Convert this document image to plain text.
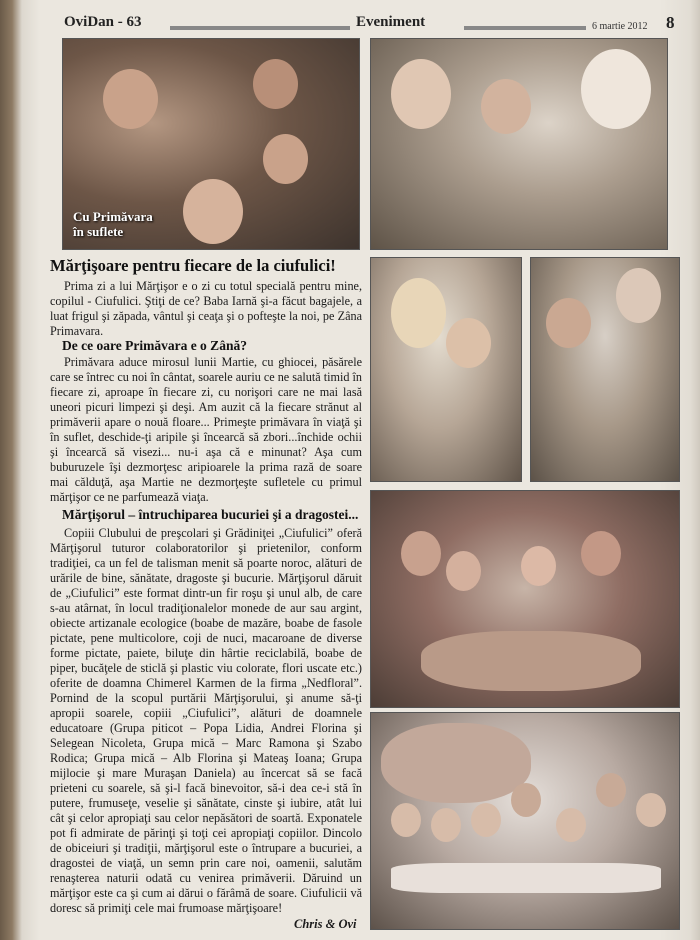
OviDan - 63	Eveniment	6 martie 2012 8
Cu Primăvara
în suflete
Mărţişoare pentru fiecare de la ciufulici!

Prima zi a lui Mărţişor e o zi cu totul specială pentru mine, copilul - Ciufulici. Ştiţi de ce? Baba Iarnă şi-a făcut bagajele, a luat frigul şi zăpada, vântul şi ceaţa şi o pofteşte la noi, pe Zâna Primavara.

De ce oare Primăvara e o Zână?

Primăvara aduce mirosul lunii Martie, cu ghiocei, păsărele care se întrec cu noi în cântat, soarele auriu ce ne salută timid în fiecare zi, aproape în fiecare zi, cu norişori care ne mai lasă uneori picuri limpezi şi deşi. Am auzit că la fiecare strănut al primăverii apare o nouă floare... Primeşte primăvara în viaţă şi în suflet, deschide-ţi aripile şi încearcă să zbori...închide ochii şi încearcă să visezi... nu-i aşa că e minunat? Aşa cum buburuzele îşi dezmorţesc aripioarele la prima rază de soare mai călduţă, aşa Martie ne dezmorţeşte sufletele cu primul mărţişor ce ne parfumează viaţa.

Mărţişorul – întruchiparea bucuriei şi a dragostei...

Copiii Clubului de preşcolari şi Grădiniţei „Ciufulici” oferă Mărţişorul tuturor colaboratorilor şi prietenilor, conform tradiţiei, ca un fel de talisman menit să poarte noroc, alături de urările de bine, sănătate, dragoste şi bucurie. Mărţişorul dăruit de „Ciufulici” este format dintr-un fir roşu şi unul alb, de care s-au atârnat, în locul tradiţionalelor monede de aur sau argint, obiecte artizanale ecologice (boabe de mazăre, boabe de fasole pictate, pene multicolore, coji de nuci, macaroane de diverse forme pictate, paiete, biluţe din hârtie reciclabilă, boabe de piper, bucăţele de sticlă şi plastic viu colorate, flori uscate etc.) oferite de doamna Chimerel Karmen de la firma „Nedfloral”. Pornind de la scopul purtării Mărţişorului, şi anume să-ţi apropii soarele, copiii „Ciufulici”, alături de doamnele educatoare (Grupa piticot – Popa Lidia, Andrei Florina şi Selegean Nicoleta, Grupa mică – Marc Ramona şi Szabo Rodica; Grupa mică – Alb Florina şi Mateaş Ioana; Grupa mijlocie şi mare Muraşan Daniela) au încercat să se facă prieteni cu soarele, să şi-l facă binevoitor, să-i dea ce-i stă în putere, frumuseţe, veselie şi sănătate, cinste şi iubire, atât lui cât şi celor apropiaţi sau celor nepăsători de soartă. Exponatele pot fi admirate de părinţi şi toţi cei apropiaţi copiilor. Dincolo de obiceiuri şi tradiţii, mărţişorul este o întrupare a bucuriei, a dragostei de viaţă, un semn prin care noi, oamenii, salutăm renaşterea naturii odată cu venirea primăverii. Dăruind un mărţişor este ca şi cum ai dărui o fărâmă de soare. Ciufulicii vă doresc să primiţi cele mai frumoase mărţişoare!

Chris & Ovi
